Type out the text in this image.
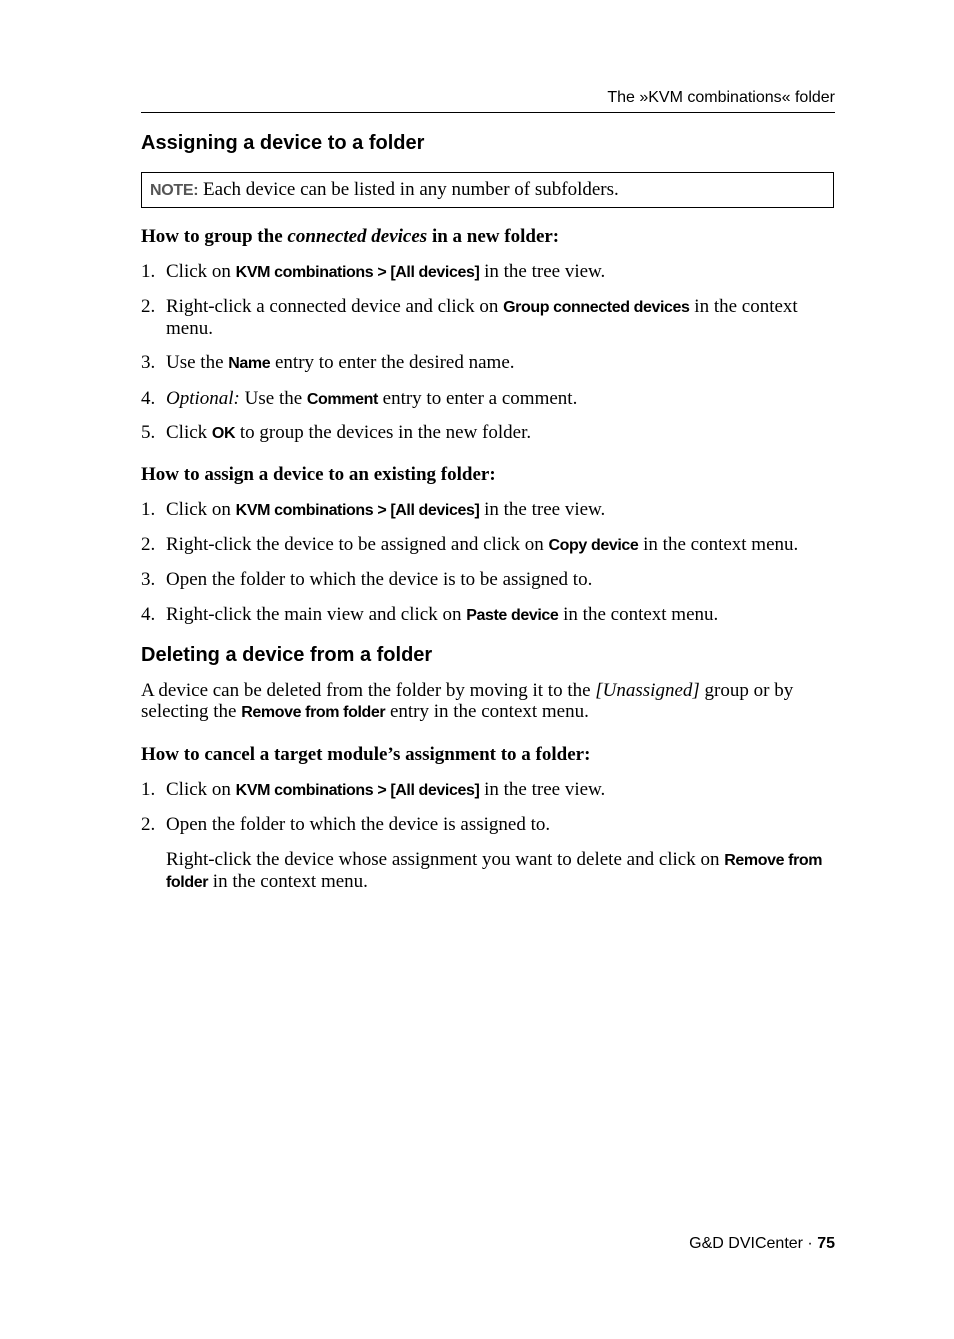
The »KVM combinations« folder
Assigning a device to a folder
NOTE: Each device can be listed in any number of subfolders.
How to group the connected devices in a new folder:
1. Click on KVM combinations > [All devices] in the tree view.
2. Right-click a connected device and click on Group connected devices in the context menu.
3. Use the Name entry to enter the desired name.
4. Optional: Use the Comment entry to enter a comment.
5. Click OK to group the devices in the new folder.
How to assign a device to an existing folder:
1. Click on KVM combinations > [All devices] in the tree view.
2. Right-click the device to be assigned and click on Copy device in the context menu.
3. Open the folder to which the device is to be assigned to.
4. Right-click the main view and click on Paste device in the context menu.
Deleting a device from a folder
A device can be deleted from the folder by moving it to the [Unassigned] group or by selecting the Remove from folder entry in the context menu.
How to cancel a target module’s assignment to a folder:
1. Click on KVM combinations > [All devices] in the tree view.
2. Open the folder to which the device is assigned to.
Right-click the device whose assignment you want to delete and click on Remove from folder in the context menu.
G&D DVICenter · 75
